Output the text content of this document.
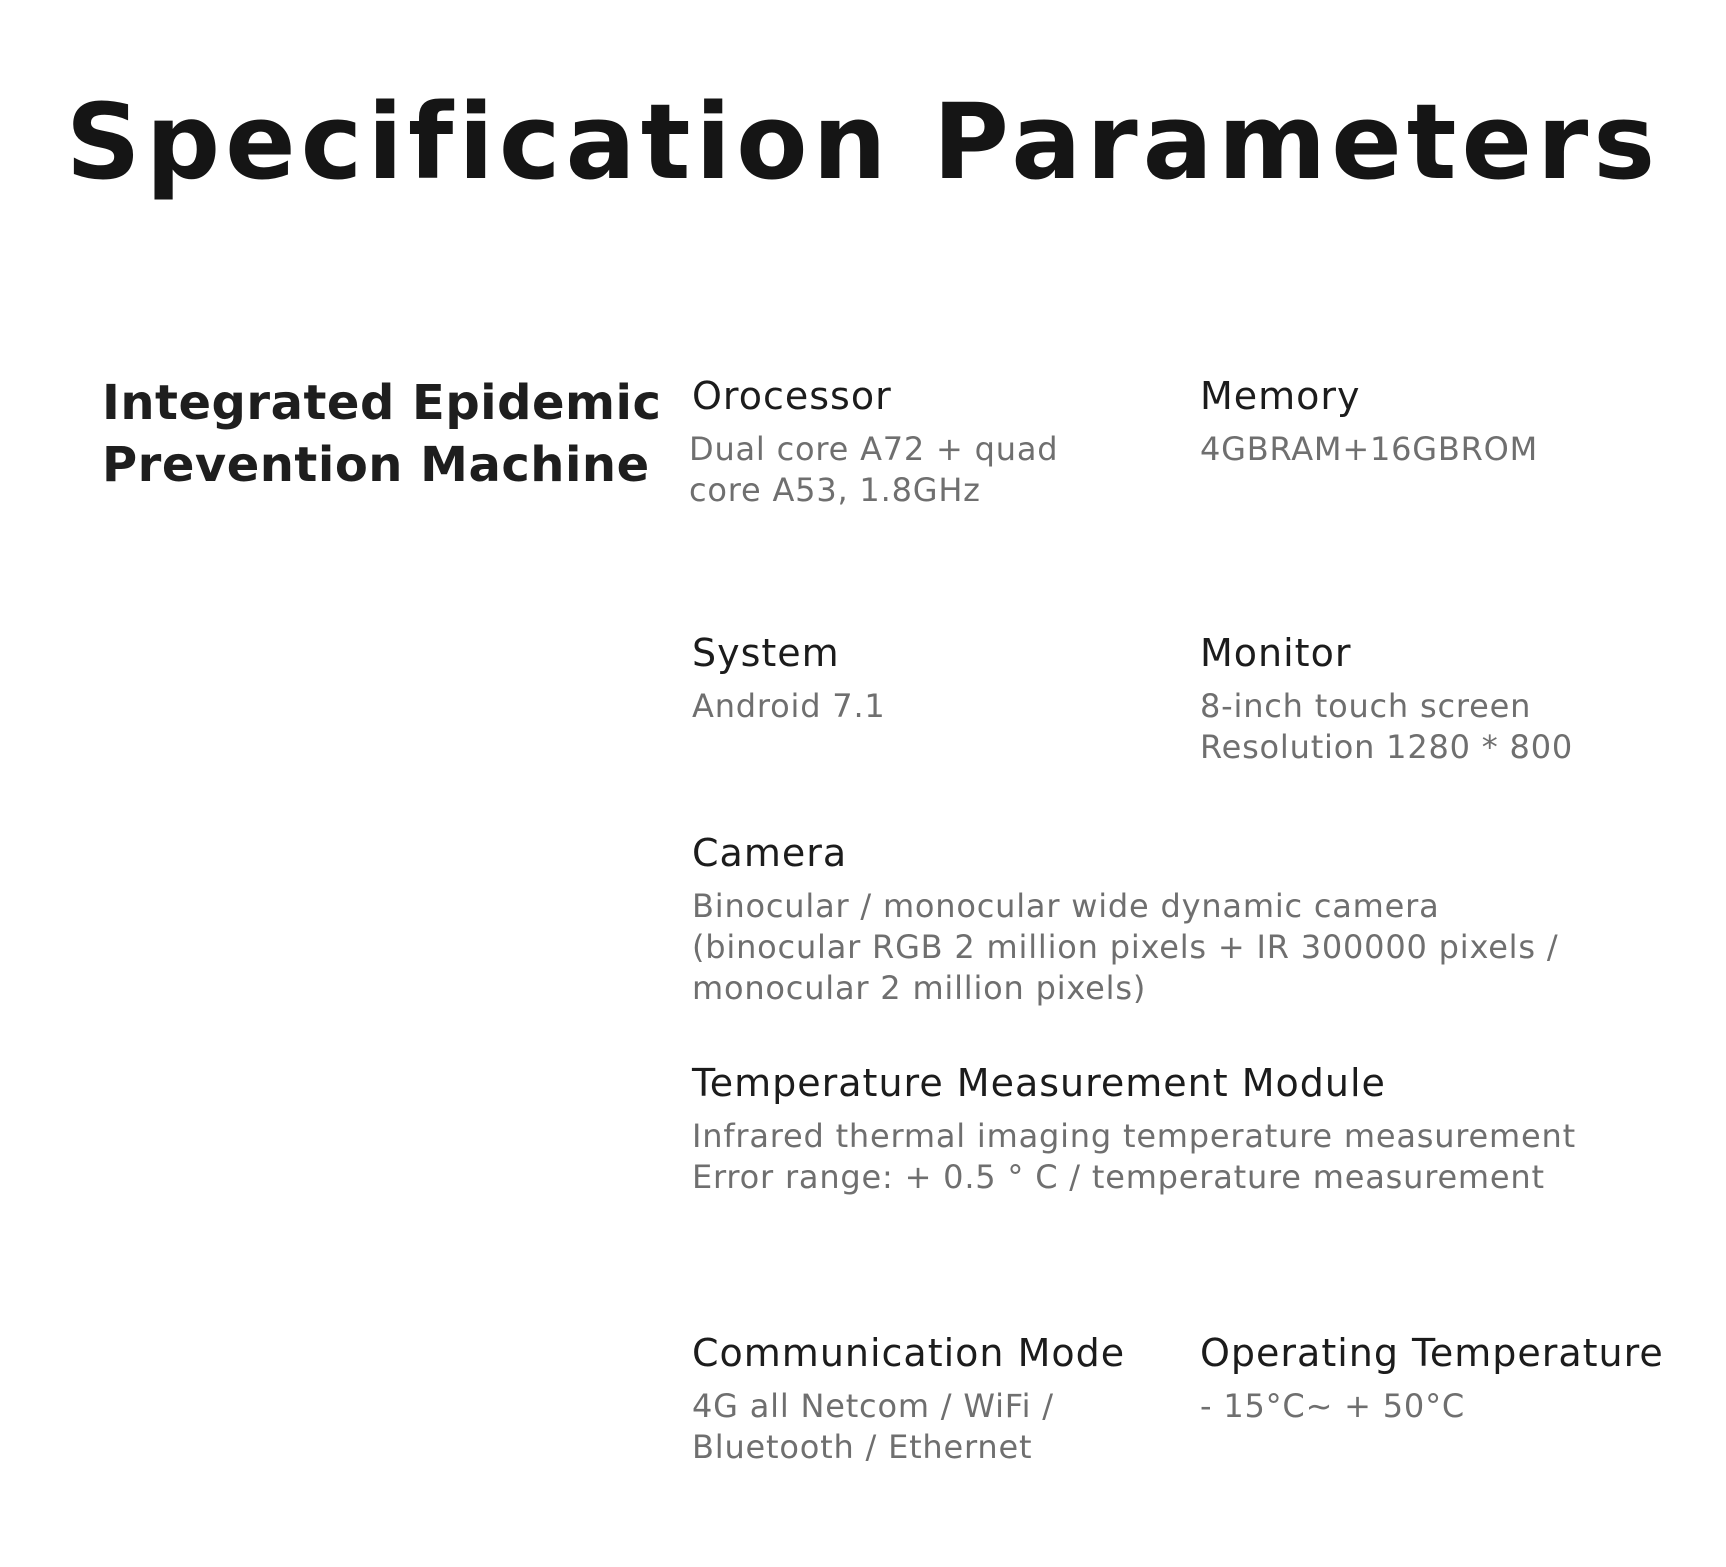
Specification Parameters
Integrated Epidemic
Prevention Machine
Orocessor
Dual core A72 + quad
core A53, 1.8GHz
Memory
4GBRAM+16GBROM
System
Android 7.1
Monitor
8-inch touch screen
Resolution 1280 * 800
Camera
Binocular / monocular wide dynamic camera
(binocular RGB 2 million pixels + IR 300000 pixels /
monocular 2 million pixels)
Temperature Measurement Module
Infrared thermal imaging temperature measurement
Error range: + 0.5 ° C / temperature measurement
Communication Mode
4G all Netcom / WiFi /
Bluetooth / Ethernet
Operating Temperature
- 15°C~ + 50°C
